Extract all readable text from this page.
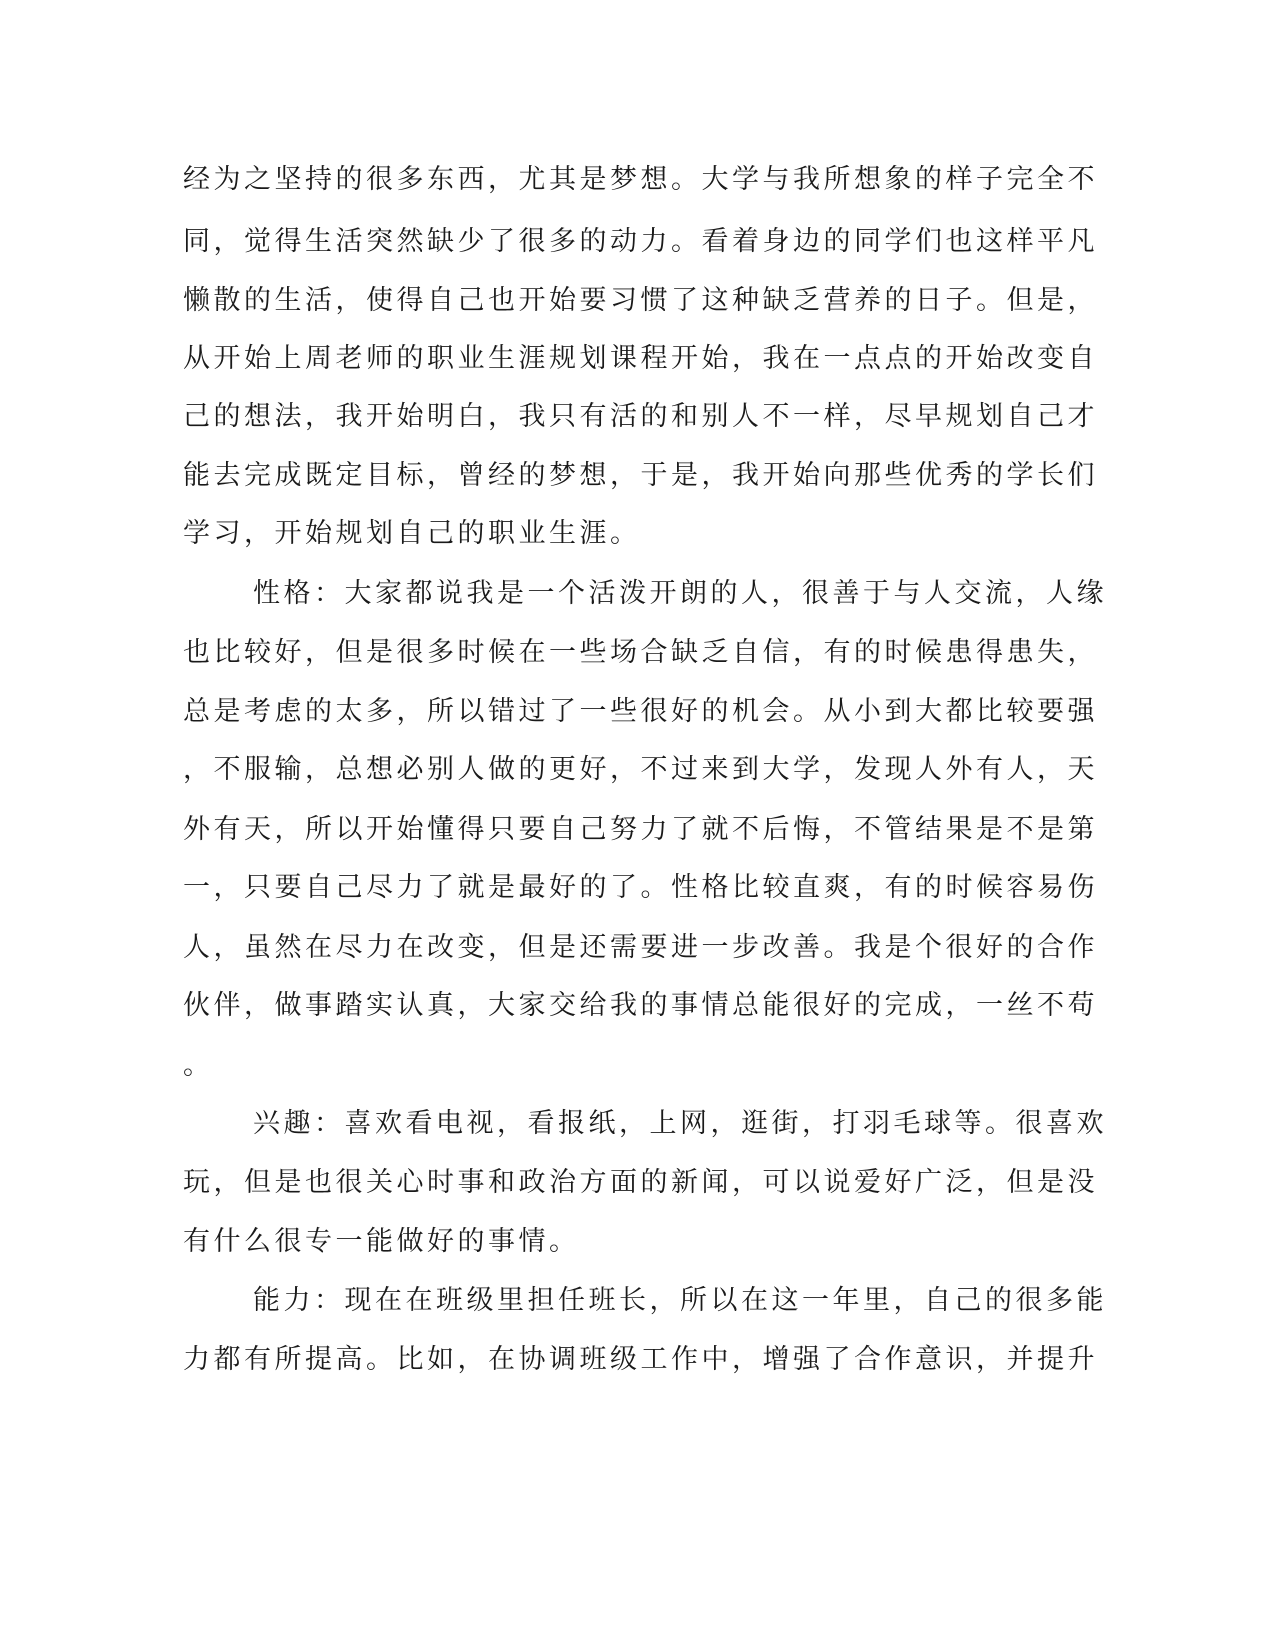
经为之坚持的很多东西，尤其是梦想。大学与我所想象的样子完全不
同，觉得生活突然缺少了很多的动力。看着身边的同学们也这样平凡
懒散的生活，使得自己也开始要习惯了这种缺乏营养的日子。但是，
从开始上周老师的职业生涯规划课程开始，我在一点点的开始改变自
己的想法，我开始明白，我只有活的和别人不一样，尽早规划自己才
能去完成既定目标，曾经的梦想，于是，我开始向那些优秀的学长们
学习，开始规划自己的职业生涯。
性格：大家都说我是一个活泼开朗的人，很善于与人交流，人缘
也比较好，但是很多时候在一些场合缺乏自信，有的时候患得患失，
总是考虑的太多，所以错过了一些很好的机会。从小到大都比较要强
，不服输，总想必别人做的更好，不过来到大学，发现人外有人，天
外有天，所以开始懂得只要自己努力了就不后悔，不管结果是不是第
一，只要自己尽力了就是最好的了。性格比较直爽，有的时候容易伤
人，虽然在尽力在改变，但是还需要进一步改善。我是个很好的合作
伙伴，做事踏实认真，大家交给我的事情总能很好的完成，一丝不苟
。
兴趣：喜欢看电视，看报纸，上网，逛街，打羽毛球等。很喜欢
玩，但是也很关心时事和政治方面的新闻，可以说爱好广泛，但是没
有什么很专一能做好的事情。
能力：现在在班级里担任班长，所以在这一年里，自己的很多能
力都有所提高。比如，在协调班级工作中，增强了合作意识，并提升
